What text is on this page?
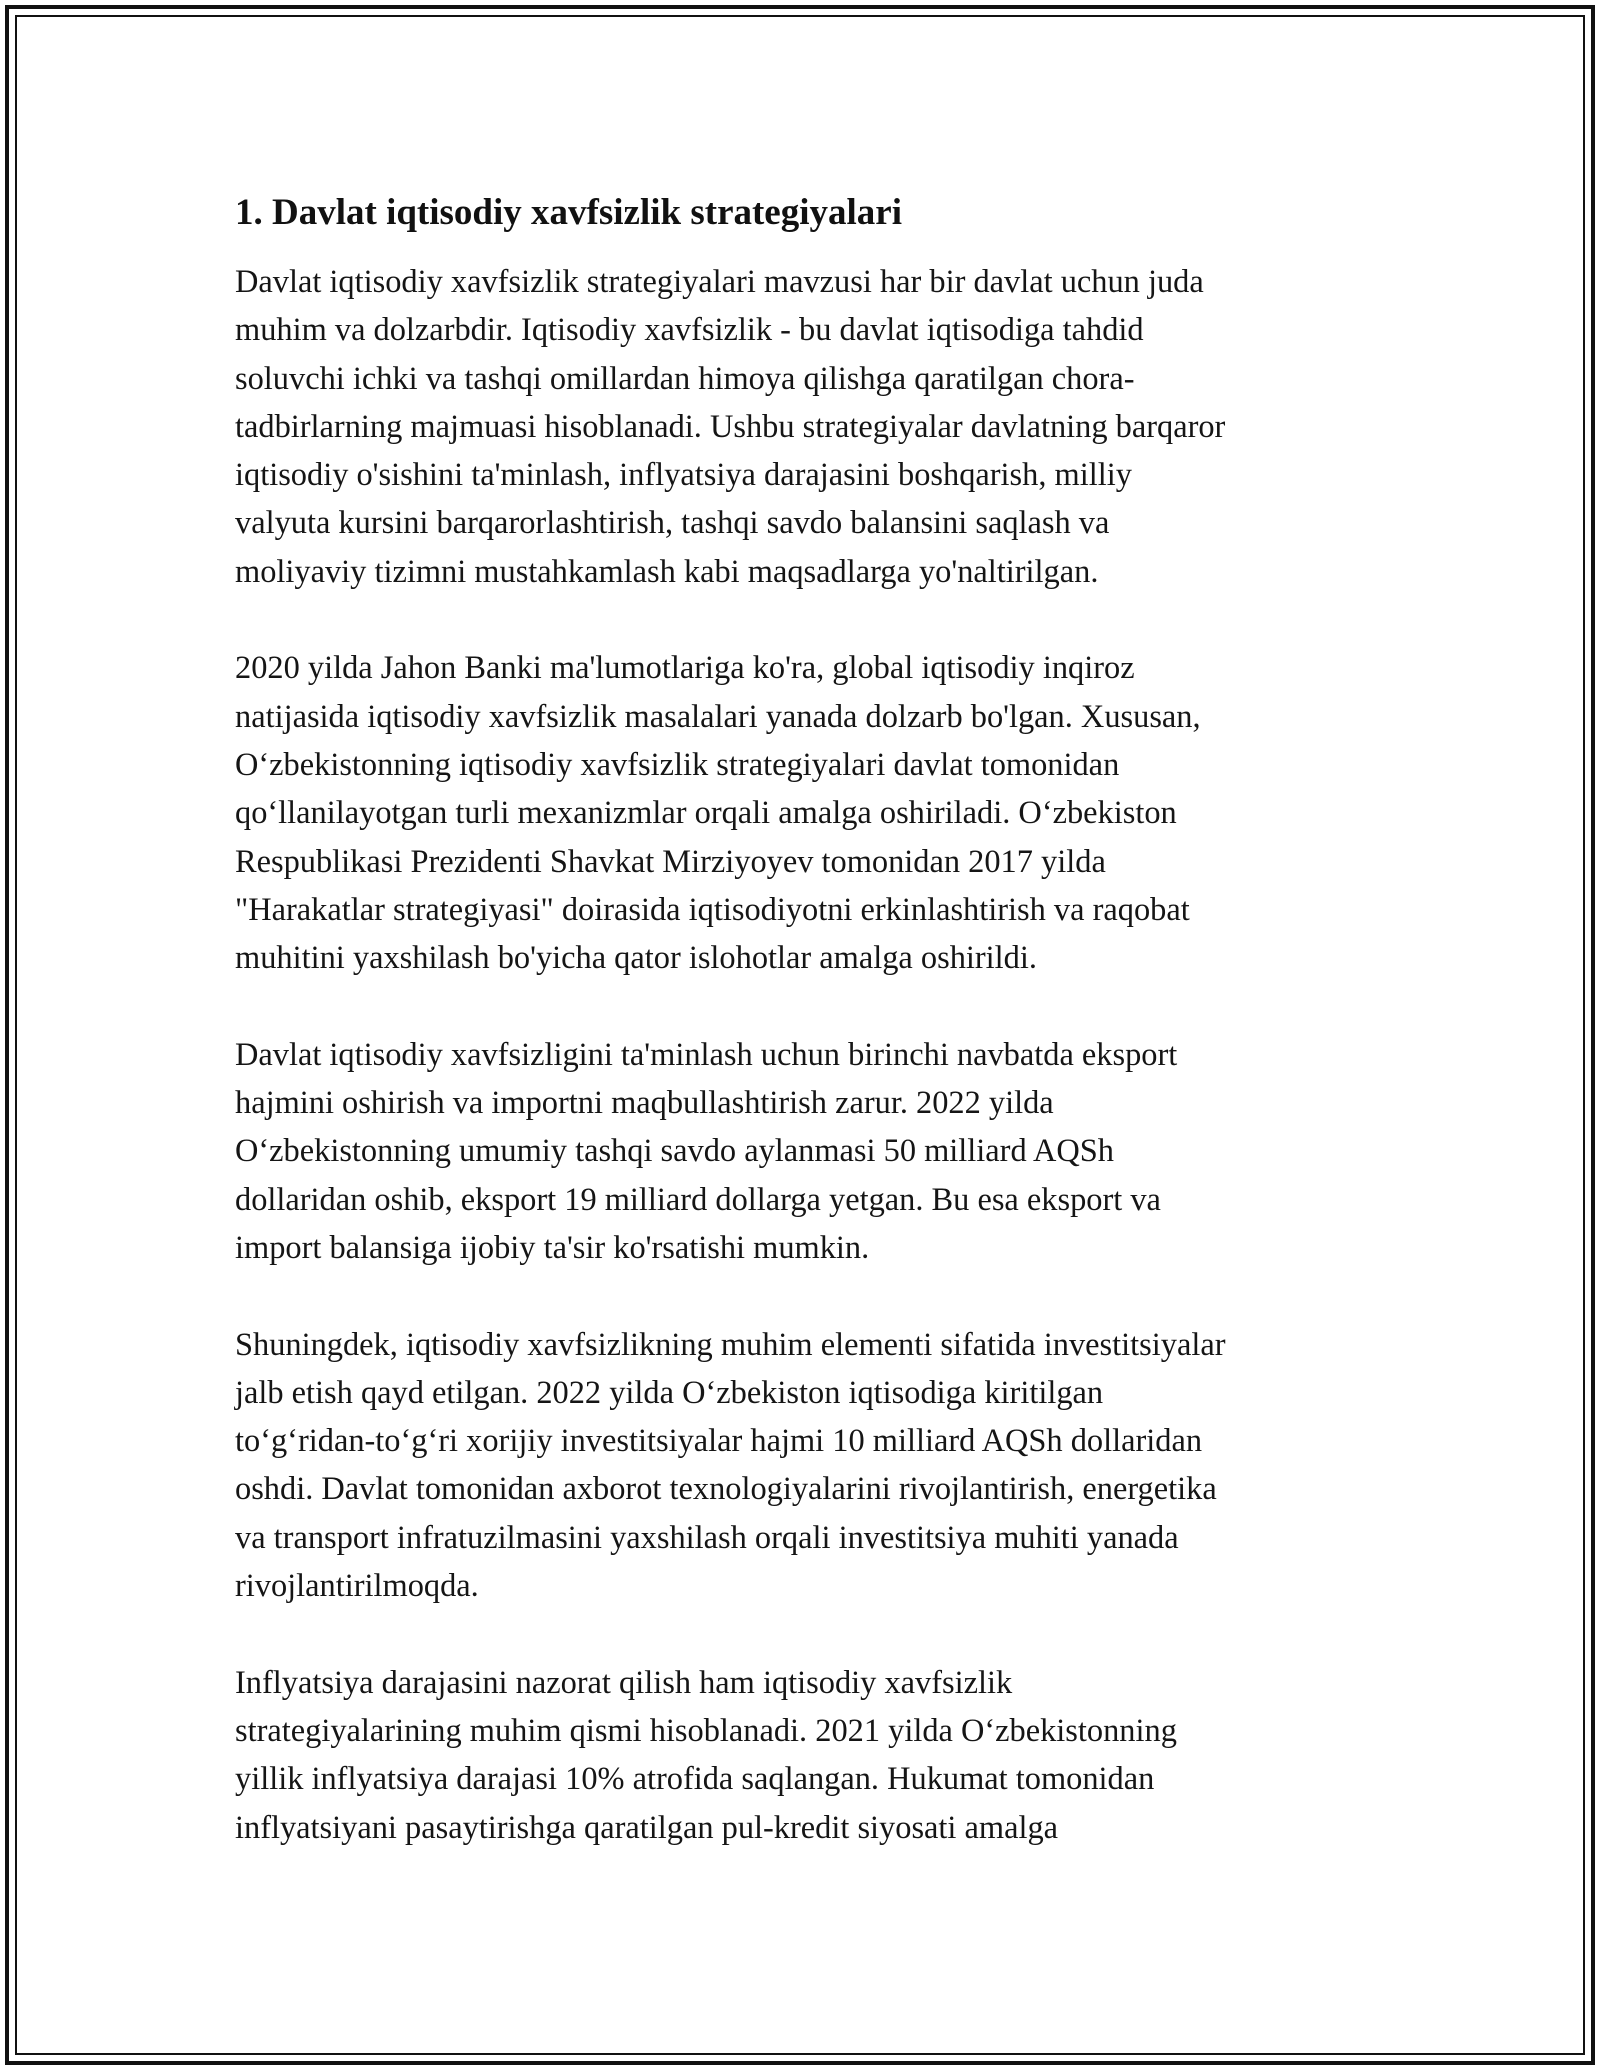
1. Davlat iqtisodiy xavfsizlik strategiyalari
Davlat iqtisodiy xavfsizlik strategiyalari mavzusi har bir davlat uchun juda
muhim va dolzarbdir. Iqtisodiy xavfsizlik - bu davlat iqtisodiga tahdid
soluvchi ichki va tashqi omillardan himoya qilishga qaratilgan chora-
tadbirlarning majmuasi hisoblanadi. Ushbu strategiyalar davlatning barqaror
iqtisodiy o'sishini ta'minlash, inflyatsiya darajasini boshqarish, milliy
valyuta kursini barqarorlashtirish, tashqi savdo balansini saqlash va
moliyaviy tizimni mustahkamlash kabi maqsadlarga yo'naltirilgan.
2020 yilda Jahon Banki ma'lumotlariga ko'ra, global iqtisodiy inqiroz
natijasida iqtisodiy xavfsizlik masalalari yanada dolzarb bo'lgan. Xususan,
O‘zbekistonning iqtisodiy xavfsizlik strategiyalari davlat tomonidan
qo‘llanilayotgan turli mexanizmlar orqali amalga oshiriladi. O‘zbekiston
Respublikasi Prezidenti Shavkat Mirziyoyev tomonidan 2017 yilda
"Harakatlar strategiyasi" doirasida iqtisodiyotni erkinlashtirish va raqobat
muhitini yaxshilash bo'yicha qator islohotlar amalga oshirildi.
Davlat iqtisodiy xavfsizligini ta'minlash uchun birinchi navbatda eksport
hajmini oshirish va importni maqbullashtirish zarur. 2022 yilda
O‘zbekistonning umumiy tashqi savdo aylanmasi 50 milliard AQSh
dollaridan oshib, eksport 19 milliard dollarga yetgan. Bu esa eksport va
import balansiga ijobiy ta'sir ko'rsatishi mumkin.
Shuningdek, iqtisodiy xavfsizlikning muhim elementi sifatida investitsiyalar
jalb etish qayd etilgan. 2022 yilda O‘zbekiston iqtisodiga kiritilgan
to‘g‘ridan-to‘g‘ri xorijiy investitsiyalar hajmi 10 milliard AQSh dollaridan
oshdi. Davlat tomonidan axborot texnologiyalarini rivojlantirish, energetika
va transport infratuzilmasini yaxshilash orqali investitsiya muhiti yanada
rivojlantirilmoqda.
Inflyatsiya darajasini nazorat qilish ham iqtisodiy xavfsizlik
strategiyalarining muhim qismi hisoblanadi. 2021 yilda O‘zbekistonning
yillik inflyatsiya darajasi 10% atrofida saqlangan. Hukumat tomonidan
inflyatsiyani pasaytirishga qaratilgan pul-kredit siyosati amalga
